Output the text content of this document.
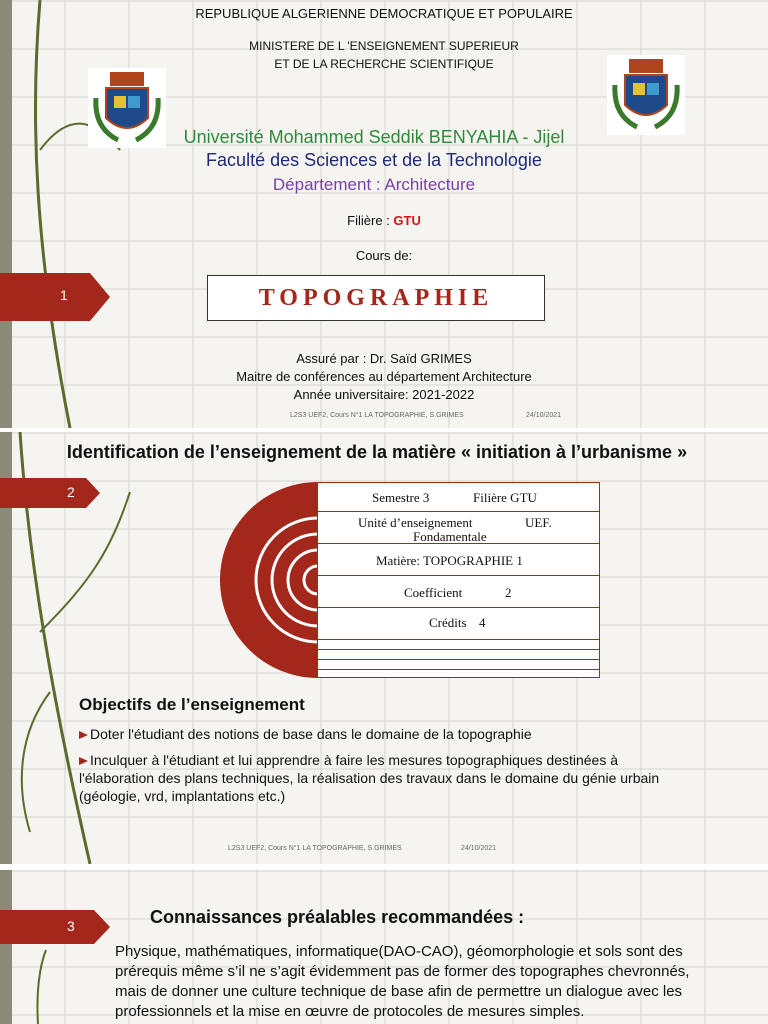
REPUBLIQUE ALGERIENNE DEMOCRATIQUE ET POPULAIRE
MINISTERE DE L 'ENSEIGNEMENT SUPERIEUR
ET DE LA RECHERCHE SCIENTIFIQUE
Université Mohammed Seddik BENYAHIA - Jijel
Faculté des Sciences et de la Technologie
Département : Architecture
Filière : GTU
Cours de:
1	TOPOGRAPHIE
Assuré par : Dr. Saïd GRIMES
Maitre de conférences au département Architecture
Année universitaire: 2021-2022
L2S3 UEF2, Cours N°1 LA TOPOGRAPHIE, S.GRIMES	24/10/2021
Identification de l’enseignement de la matière « initiation à l’urbanisme »
2	Semestre 3	Filière GTU
Unité d’enseignement	UEF.
Fondamentale
Matière: TOPOGRAPHIE 1
Coefficient	2
Crédits 4
Objectifs de l’enseignement

Doter l'étudiant des notions de base dans le domaine de la topographie

Inculquer à l'étudiant et lui apprendre à faire les mesures topographiques destinées à

l'élaboration des plans techniques, la réalisation des travaux dans le domaine du génie urbain

(géologie, vrd, implantations etc.)

L2S3 UEF2, Cours N°1 LA TOPOGRAPHIE, S.GRIMES	24/10/2021
3	Connaissances préalables recommandées :
Physique, mathématiques, informatique(DAO-CAO), géomorphologie et sols sont des
prérequis même s’il ne s’agit évidemment pas de former des topographes chevronnés,
mais de donner une culture technique de base afin de permettre un dialogue avec les
professionnels et la mise en œuvre de protocoles de mesures simples.
